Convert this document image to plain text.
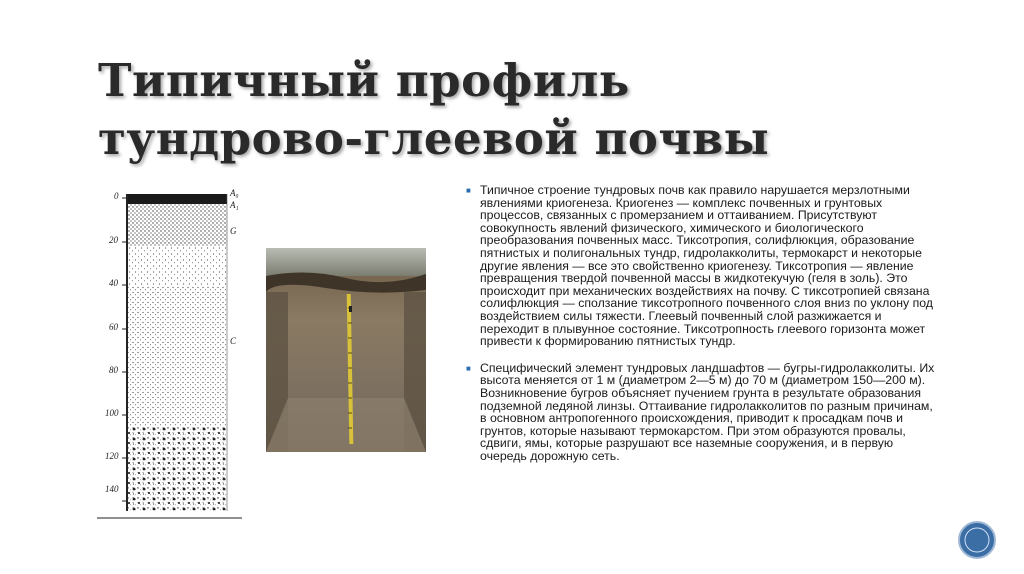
Типичный профиль
тундрово-глеевой почвы
0
20
40
60
80
100
120
140
A₀
A₁
G
C
■ Типичное строение тундровых почв как правило нарушается мерзлотными явлениями криогенеза. Криогенез — комплекс почвенных и грунтовых процессов, связанных с промерзанием и оттаиванием. Присутствуют совокупность явлений физического, химического и биологического преобразования почвенных масс. Тиксотропия, солифлюкция, образование пятнистых и полигональных тундр, гидролакколиты, термокарст и некоторые другие явления — все это свойственно криогенезу. Тиксотропия — явление превращения твердой почвенной массы в жидкотекучую (геля в золь). Это происходит при механических воздействиях на почву. С тиксотропией связана солифлюкция — сползание тиксотропного почвенного слоя вниз по уклону под воздействием силы тяжести. Глеевый почвенный слой разжижается и переходит в плывунное состояние. Тиксотропность глеевого горизонта может привести к формированию пятнистых тундр.
■ Специфический элемент тундровых ландшафтов — бугры-гидролакколиты. Их высота меняется от 1 м (диаметром 2—5 м) до 70 м (диаметром 150—200 м). Возникновение бугров объясняет пучением грунта в результате образования подземной ледяной линзы. Оттаивание гидролакколитов по разным причинам, в основном антропогенного происхождения, приводит к просадкам почв и грунтов, которые называют термокарстом. При этом образуются провалы, сдвиги, ямы, которые разрушают все наземные сооружения, и в первую очередь дорожную сеть.
